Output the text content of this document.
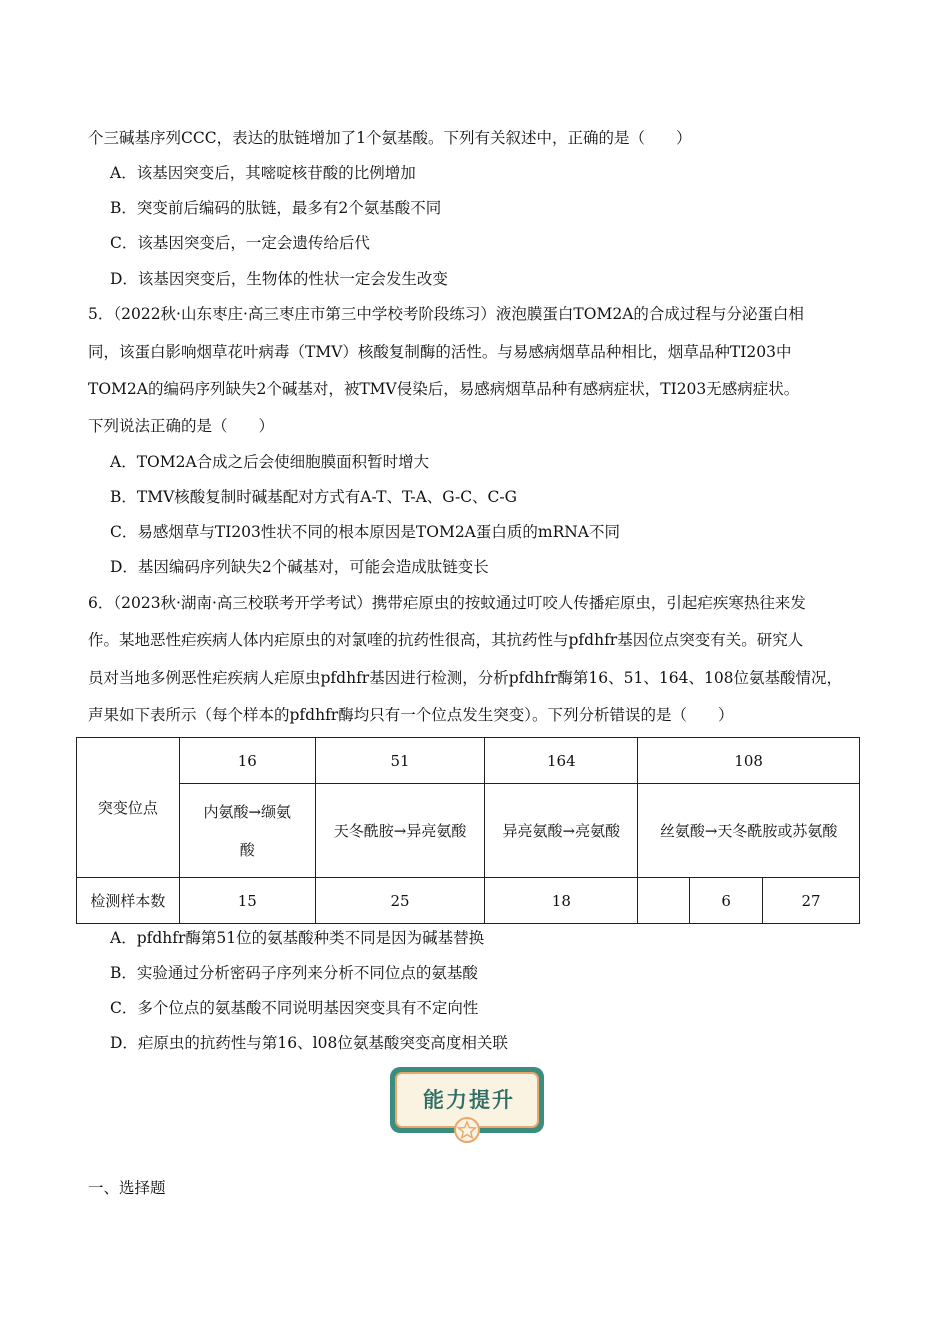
个三碱基序列CCC，表达的肽链增加了1个氨基酸。下列有关叙述中，正确的是（　　）
A．该基因突变后，其嘧啶核苷酸的比例增加
B．突变前后编码的肽链，最多有2个氨基酸不同
C．该基因突变后，一定会遗传给后代
D．该基因突变后，生物体的性状一定会发生改变
5．（2022秋·山东枣庄·高三枣庄市第三中学校考阶段练习）液泡膜蛋白TOM2A的合成过程与分泌蛋白相
同，该蛋白影响烟草花叶病毒（TMV）核酸复制酶的活性。与易感病烟草品种相比，烟草品种TI203中
TOM2A的编码序列缺失2个碱基对，被TMV侵染后，易感病烟草品种有感病症状，TI203无感病症状。
下列说法正确的是（　　）
A．TOM2A合成之后会使细胞膜面积暂时增大
B．TMV核酸复制时碱基配对方式有A-T、T-A、G-C、C-G
C．易感烟草与TI203性状不同的根本原因是TOM2A蛋白质的mRNA不同
D．基因编码序列缺失2个碱基对，可能会造成肽链变长
6．（2023秋·湖南·高三校联考开学考试）携带疟原虫的按蚊通过叮咬人传播疟原虫，引起疟疾寒热往来发
作。某地恶性疟疾病人体内疟原虫的对氯喹的抗药性很高，其抗药性与pfdhfr基因位点突变有关。研究人
员对当地多例恶性疟疾病人疟原虫pfdhfr基因进行检测，分析pfdhfr酶第16、51、164、108位氨基酸情况，
声果如下表所示（每个样本的pfdhfr酶均只有一个位点发生突变）。下列分析错误的是（　　）
突变位点	16	51	164	108		
	内氨酸→缬氨
酸	天冬酰胺→异亮氨酸	异亮氨酸→亮氨酸	丝氨酸→天冬酰胺或苏氨酸		
检测样本数	15	25	18		6	27
A．pfdhfr酶第51位的氨基酸种类不同是因为碱基替换
B．实验通过分析密码子序列来分析不同位点的氨基酸
C．多个位点的氨基酸不同说明基因突变具有不定向性
D．疟原虫的抗药性与第16、l08位氨基酸突变高度相关联
能力提升
一、选择题
